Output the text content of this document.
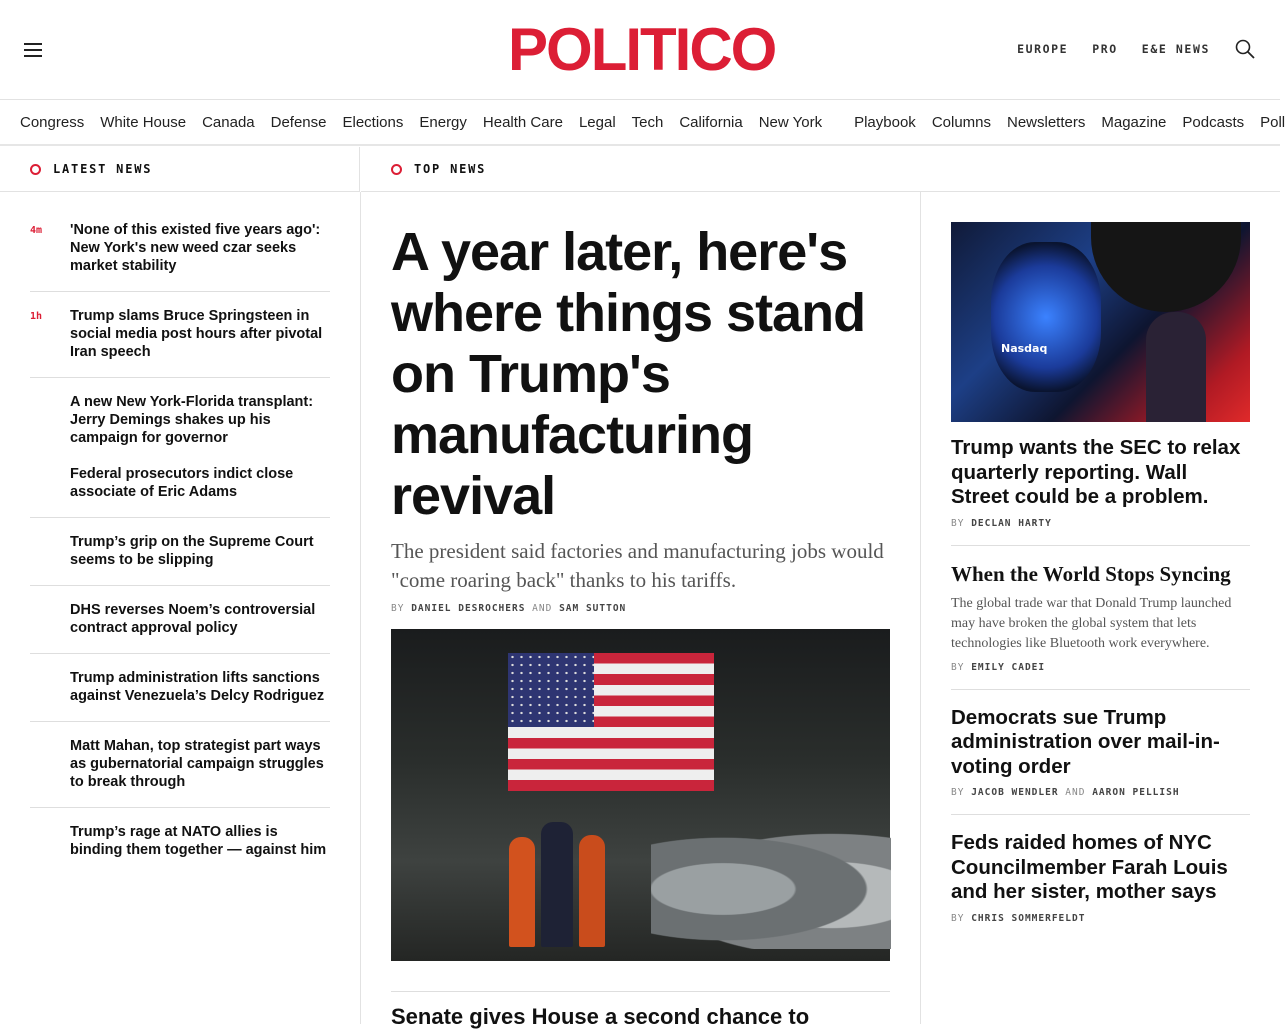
POLITICO	EUROPE PRO E&E NEWS
Congress White House Canada Defense Elections Energy Health Care Legal Tech California New York Playbook Columns Newsletters Magazine Podcasts Poll
LATEST NEWS	TOP NEWS
4m	'None of this existed five years ago': New York's new weed czar seeks market stability
1h	Trump slams Bruce Springsteen in social media post hours after pivotal Iran speech
A new New York-Florida transplant: Jerry Demings shakes up his campaign for governor
Federal prosecutors indict close associate of Eric Adams
Trump’s grip on the Supreme Court seems to be slipping
DHS reverses Noem’s controversial contract approval policy
Trump administration lifts sanctions against Venezuela’s Delcy Rodriguez
Matt Mahan, top strategist part ways as gubernatorial campaign struggles to break through
Trump’s rage at NATO allies is binding them together — against him
A year later, here's where things stand on Trump's manufacturing revival

The president said factories and manufacturing jobs would "come roaring back" thanks to his tariffs.

BY DANIEL DESROCHERS AND SAM SUTTON

Senate gives House a second chance to
Nasdaq
Trump wants the SEC to relax quarterly reporting. Wall Street could be a problem.

BY DECLAN HARTY

When the World Stops Syncing

The global trade war that Donald Trump launched may have broken the global system that lets technologies like Bluetooth work everywhere.

BY EMILY CADEI

Democrats sue Trump administration over mail-in-voting order

BY JACOB WENDLER AND AARON PELLISH

Feds raided homes of NYC Councilmember Farah Louis and her sister, mother says

BY CHRIS SOMMERFELDT
